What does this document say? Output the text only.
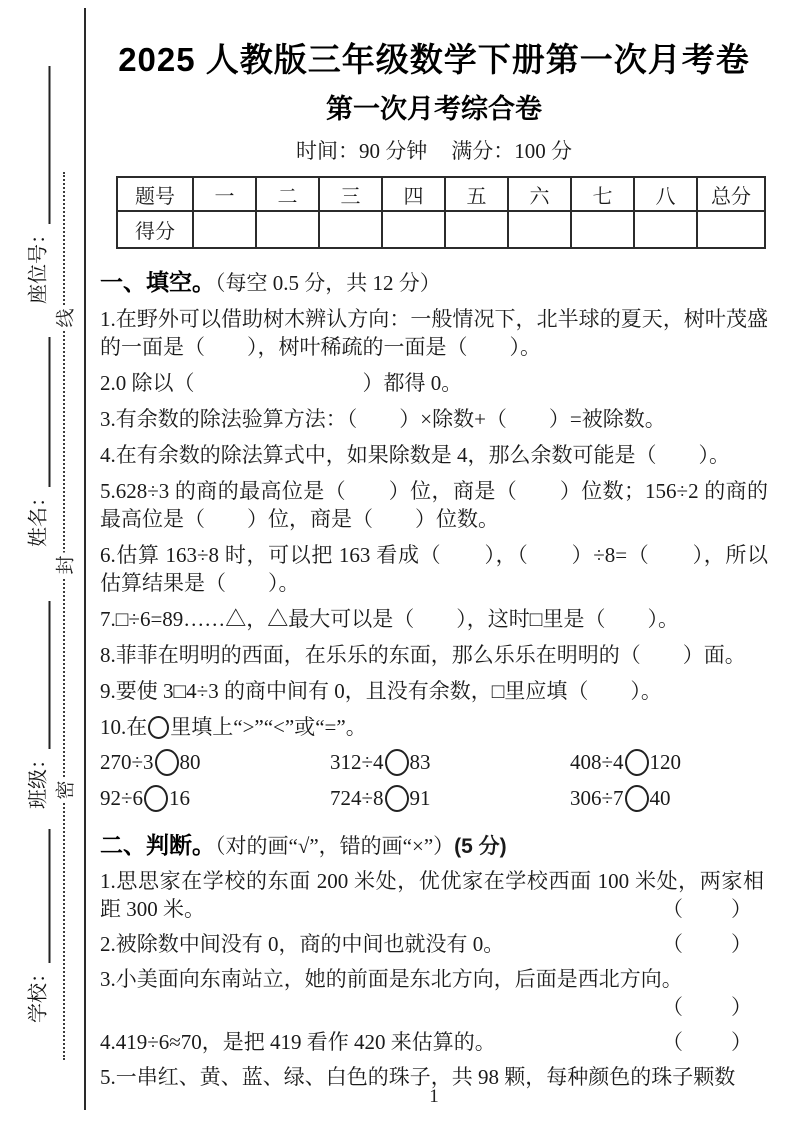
座位号：
姓名：
班级：
学校：
线
封
密
2025 人教版三年级数学下册第一次月考卷
第一次月考综合卷
时间：90 分钟 满分：100 分
题号	一	二	三	四	五	六	七	八	总分
得分									
一、填空。（每空 0.5 分，共 12 分）

1.在野外可以借助树木辨认方向：一般情况下，北半球的夏天，树叶茂盛的一面是（　　），树叶稀疏的一面是（　　）。

2.0 除以（　　　　　　　　）都得 0。

3.有余数的除法验算方法：（　　）×除数+（　　）=被除数。

4.在有余数的除法算式中，如果除数是 4，那么余数可能是（　　）。

5.628÷3 的商的最高位是（　　）位，商是（　　）位数；156÷2 的商的最高位是（　　）位，商是（　　）位数。

6.估算 163÷8 时，可以把 163 看成（　　），（　　）÷8=（　　），所以估算结果是（　　）。

7.□÷6=89……△，△最大可以是（　　），这时□里是（　　）。

8.菲菲在明明的西面，在乐乐的东面，那么乐乐在明明的（　　）面。

9.要使 3□4÷3 的商中间有 0，且没有余数，□里应填（　　）。

10.在 里填上“>”“<”或“=”。

270÷3 80	312÷4 83	408÷4 120
92÷6 16	724÷8 91	306÷7 40
二、判断。（对的画“√”，错的画“×”）(5 分)
1.思思家在学校的东面 200 米处，优优家在学校西面 100 米处，两家相距 300 米。	（　　）
2.被除数中间没有 0，商的中间也就没有 0。	（　　）
3.小美面向东南站立，她的前面是东北方向，后面是西北方向。
（　　）
4.419÷6≈70，是把 419 看作 420 来估算的。	（　　）
5.一串红、黄、蓝、绿、白色的珠子，共 98 颗，每种颜色的珠子颗数
1
